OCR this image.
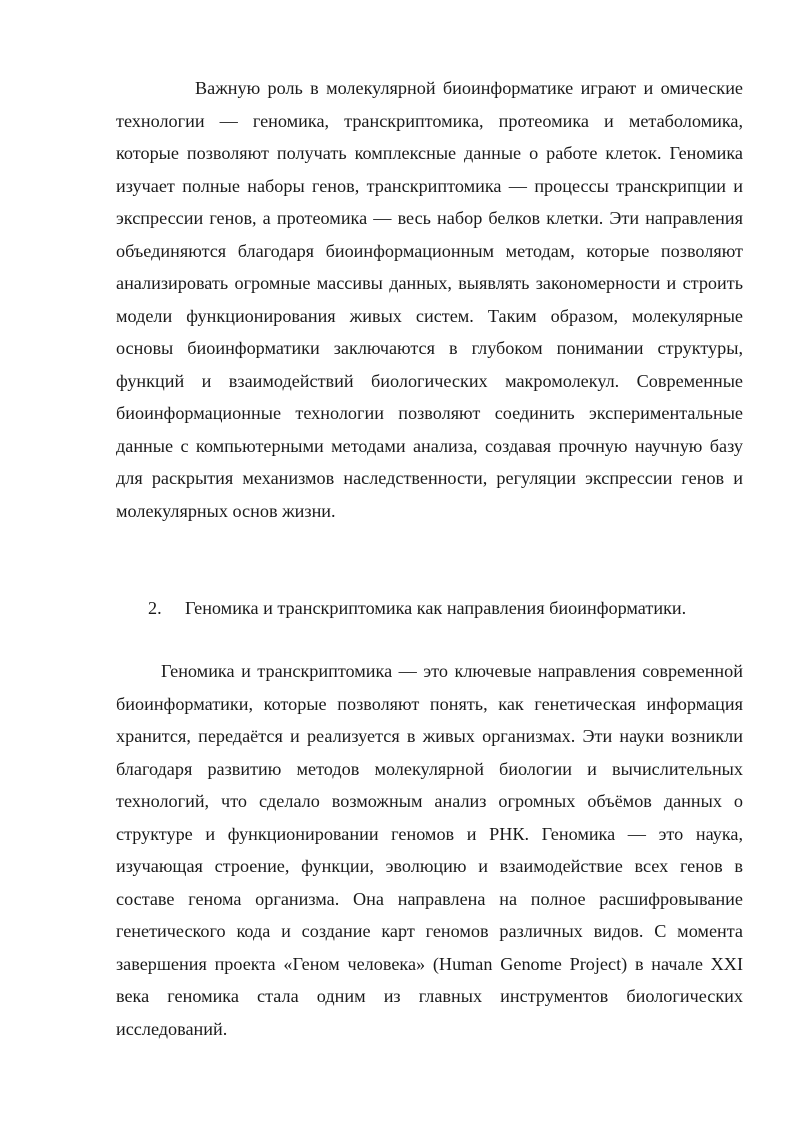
Важную роль в молекулярной биоинформатике играют и омические технологии — геномика, транскриптомика, протеомика и метаболомика, которые позволяют получать комплексные данные о работе клеток. Геномика изучает полные наборы генов, транскриптомика — процессы транскрипции и экспрессии генов, а протеомика — весь набор белков клетки. Эти направления объединяются благодаря биоинформационным методам, которые позволяют анализировать огромные массивы данных, выявлять закономерности и строить модели функционирования живых систем. Таким образом, молекулярные основы биоинформатики заключаются в глубоком понимании структуры, функций и взаимодействий биологических макромолекул. Современные биоинформационные технологии позволяют соединить экспериментальные данные с компьютерными методами анализа, создавая прочную научную базу для раскрытия механизмов наследственности, регуляции экспрессии генов и молекулярных основ жизни.

2. Геномика и транскриптомика как направления биоинформатики.

Геномика и транскриптомика — это ключевые направления современной биоинформатики, которые позволяют понять, как генетическая информация хранится, передаётся и реализуется в живых организмах. Эти науки возникли благодаря развитию методов молекулярной биологии и вычислительных технологий, что сделало возможным анализ огромных объёмов данных о структуре и функционировании геномов и РНК. Геномика — это наука, изучающая строение, функции, эволюцию и взаимодействие всех генов в составе генома организма. Она направлена на полное расшифровывание генетического кода и создание карт геномов различных видов. С момента завершения проекта «Геном человека» (Human Genome Project) в начале XXI века геномика стала одним из главных инструментов биологических исследований.
